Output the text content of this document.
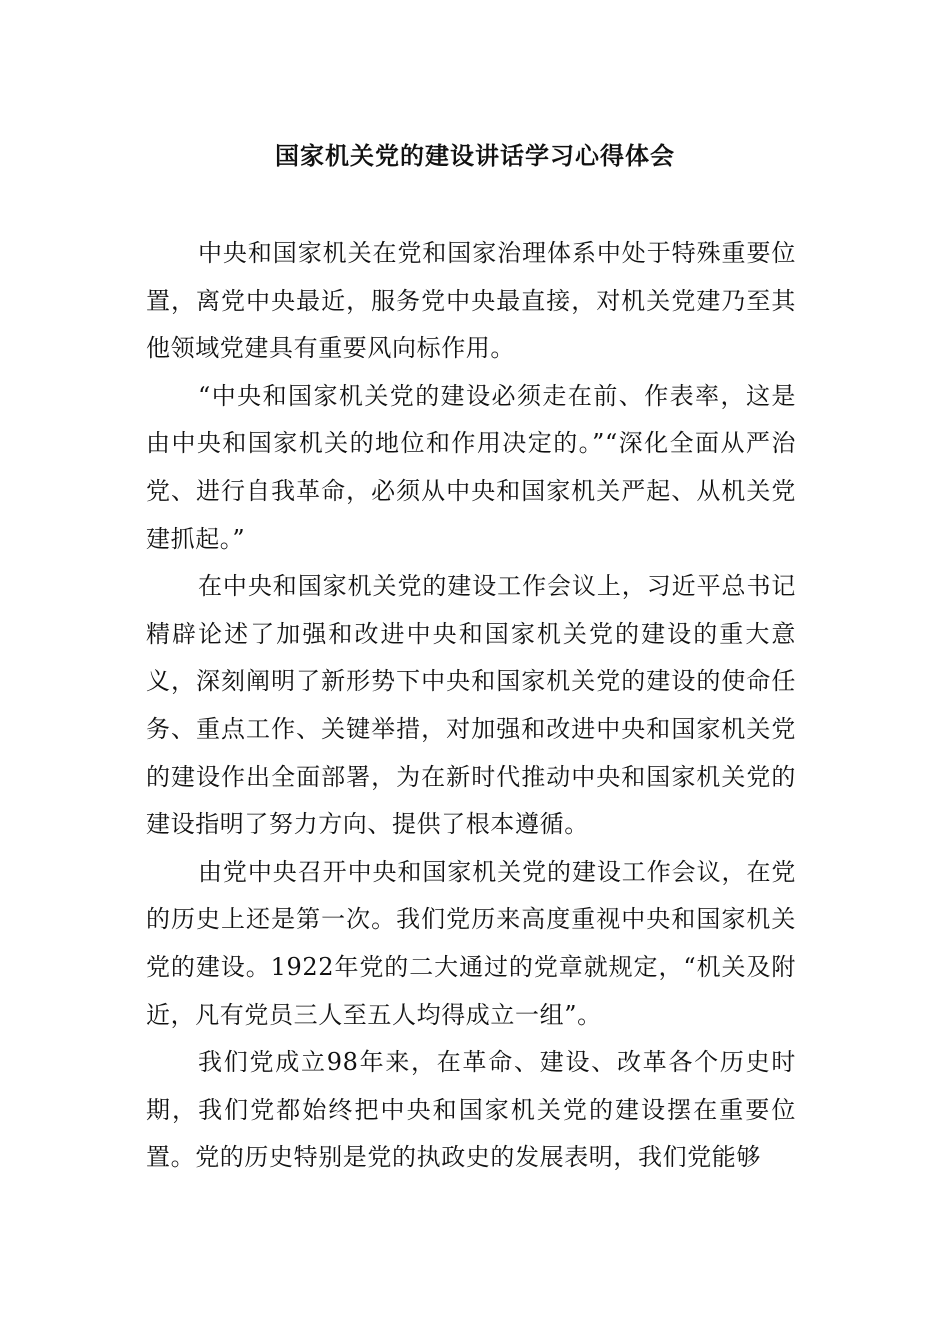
国家机关党的建设讲话学习心得体会

中央和国家机关在党和国家治理体系中处于特殊重要位置，离党中央最近，服务党中央最直接，对机关党建乃至其他领域党建具有重要风向标作用。

“中央和国家机关党的建设必须走在前、作表率，这是由中央和国家机关的地位和作用决定的。”“深化全面从严治党、进行自我革命，必须从中央和国家机关严起、从机关党建抓起。”

在中央和国家机关党的建设工作会议上，习近平总书记精辟论述了加强和改进中央和国家机关党的建设的重大意义，深刻阐明了新形势下中央和国家机关党的建设的使命任务、重点工作、关键举措，对加强和改进中央和国家机关党的建设作出全面部署，为在新时代推动中央和国家机关党的建设指明了努力方向、提供了根本遵循。

由党中央召开中央和国家机关党的建设工作会议，在党的历史上还是第一次。我们党历来高度重视中央和国家机关党的建设。1922年党的二大通过的党章就规定，“机关及附近，凡有党员三人至五人均得成立一组”。

我们党成立98年来，在革命、建设、改革各个历史时期，我们党都始终把中央和国家机关党的建设摆在重要位置。党的历史特别是党的执政史的发展表明，我们党能够
